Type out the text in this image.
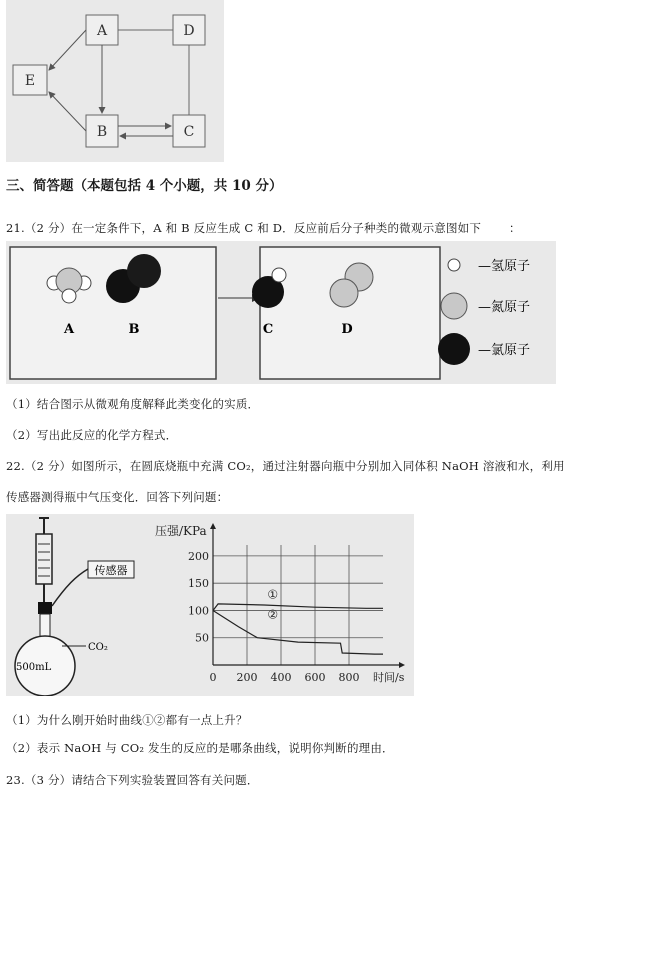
A	D
E
B	C
三、简答题（本题包括 4 个小题，共 10 分）
21.（2 分）在一定条件下，A 和 B 反应生成 C 和 D．反应前后分子种类的微观示意图如下 ：
A	B	C	D
—氢原子
—氮原子
—氯原子
（1）结合图示从微观角度解释此类变化的实质．
（2）写出此反应的化学方程式．
22.（2 分）如图所示，在圆底烧瓶中充满 CO₂，通过注射器向瓶中分别加入同体积 NaOH 溶液和水，利用
传感器测得瓶中气压变化．回答下列问题：
传感器
CO₂
500mL
50
100
150
200
0 200 400 600 800
压强/KPa
时间/s
①
②
（1）为什么刚开始时曲线①②都有一点上升？
（2）表示 NaOH 与 CO₂ 发生的反应的是哪条曲线，说明你判断的理由．
23.（3 分）请结合下列实验装置回答有关问题．
